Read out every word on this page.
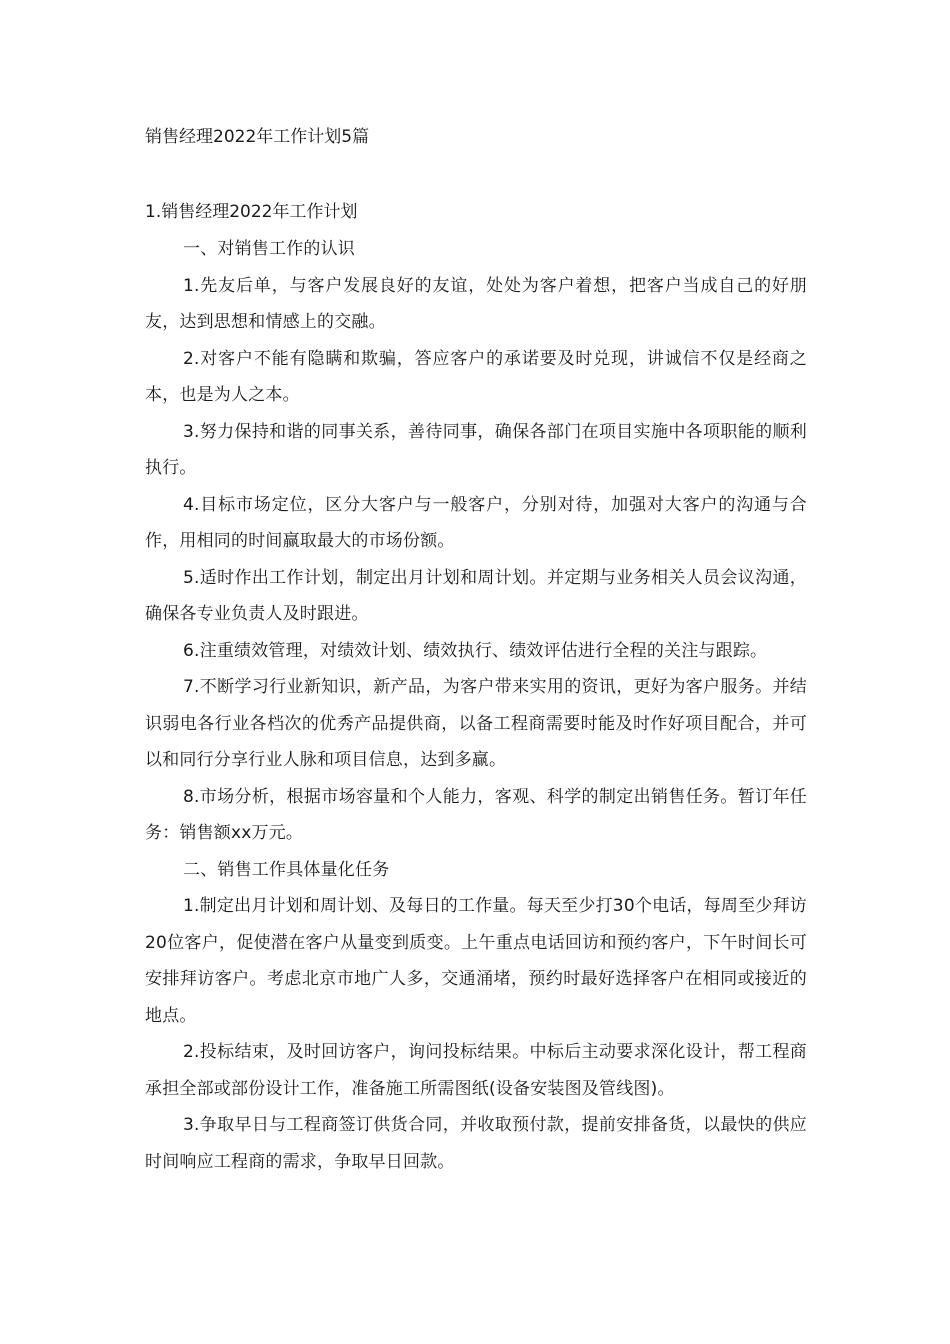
销售经理2022年工作计划5篇
1.销售经理2022年工作计划

一、对销售工作的认识

1.先友后单，与客户发展良好的友谊，处处为客户着想，把客户当成自己的好朋友，达到思想和情感上的交融。

2.对客户不能有隐瞒和欺骗，答应客户的承诺要及时兑现，讲诚信不仅是经商之本，也是为人之本。

3.努力保持和谐的同事关系，善待同事，确保各部门在项目实施中各项职能的顺利执行。

4.目标市场定位，区分大客户与一般客户，分别对待，加强对大客户的沟通与合作，用相同的时间赢取最大的市场份额。

5.适时作出工作计划，制定出月计划和周计划。并定期与业务相关人员会议沟通，确保各专业负责人及时跟进。

6.注重绩效管理，对绩效计划、绩效执行、绩效评估进行全程的关注与跟踪。

7.不断学习行业新知识，新产品，为客户带来实用的资讯，更好为客户服务。并结识弱电各行业各档次的优秀产品提供商，以备工程商需要时能及时作好项目配合，并可以和同行分享行业人脉和项目信息，达到多赢。

8.市场分析，根据市场容量和个人能力，客观、科学的制定出销售任务。暂订年任务：销售额xx万元。

二、销售工作具体量化任务

1.制定出月计划和周计划、及每日的工作量。每天至少打30个电话，每周至少拜访20位客户，促使潜在客户从量变到质变。上午重点电话回访和预约客户，下午时间长可安排拜访客户。考虑北京市地广人多，交通涌堵，预约时最好选择客户在相同或接近的地点。

2.投标结束，及时回访客户，询问投标结果。中标后主动要求深化设计，帮工程商承担全部或部份设计工作，准备施工所需图纸(设备安装图及管线图)。

3.争取早日与工程商签订供货合同，并收取预付款，提前安排备货，以最快的供应时间响应工程商的需求，争取早日回款。
